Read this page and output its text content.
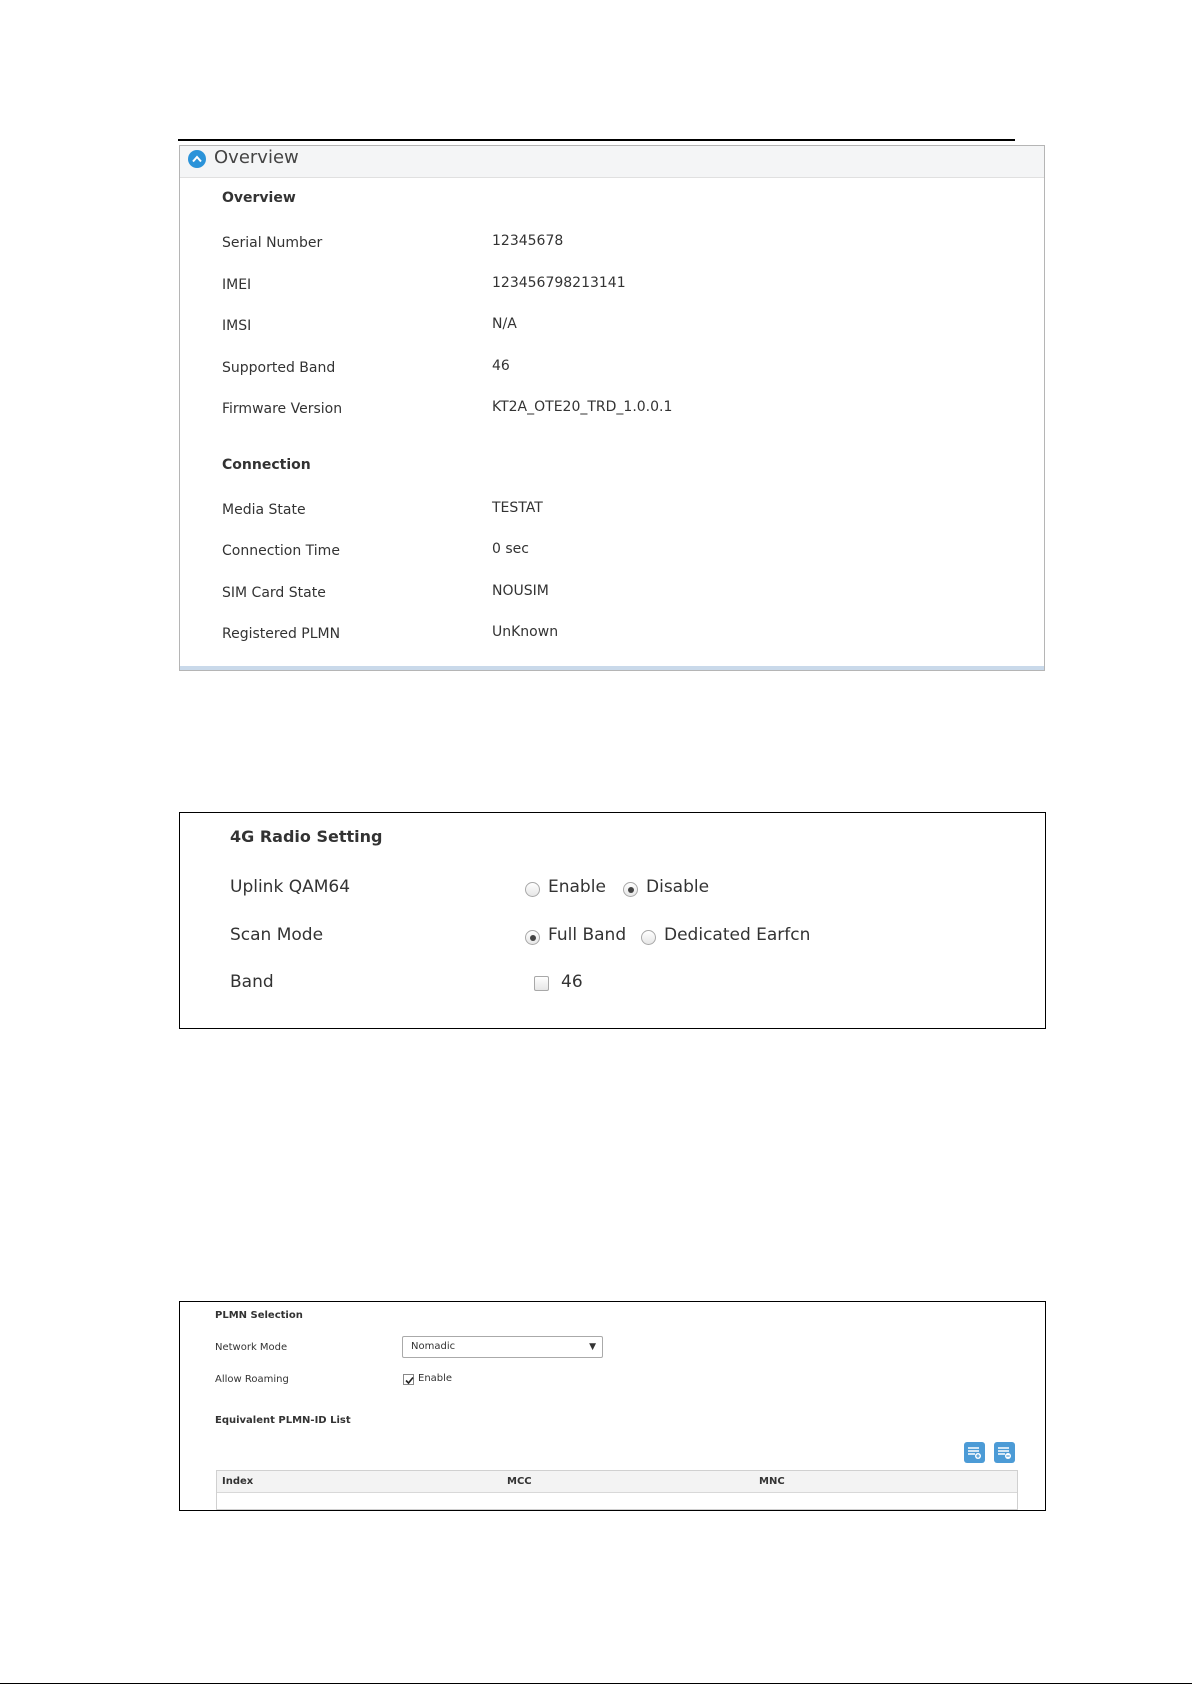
Overview
Overview
Serial Number	12345678
IMEI	123456798213141
IMSI	N/A
Supported Band	46
Firmware Version	KT2A_OTE20_TRD_1.0.0.1
Connection
Media State	TESTAT
Connection Time	0 sec
SIM Card State	NOUSIM
Registered PLMN	UnKnown
4G Radio Setting
Uplink QAM64	Enable Disable
Scan Mode	Full Band Dedicated Earfcn
Band	46
PLMN Selection
Network Mode	Nomadic	▼
Allow Roaming	Enable
Equivalent PLMN-ID List
Index	MCC	MNC
